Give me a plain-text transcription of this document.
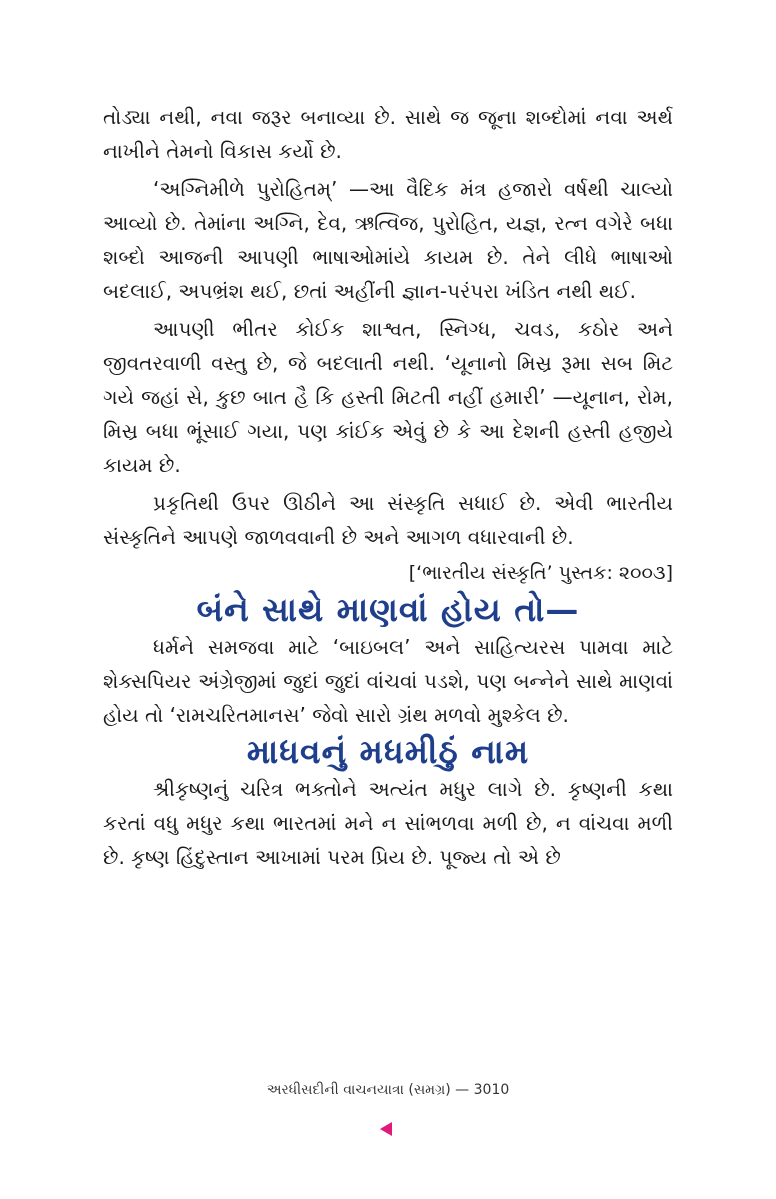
તોડ્યા નથી, નવા જરૂર બનાવ્યા છે. સાથે જ જૂના શબ્દોમાં નવા અર્થ નાખીને તેમનો વિકાસ કર્યો છે.

‘અગ્નિમીળે પુરોહિતમ્’ —આ વૈદિક મંત્ર હજારો વર્ષથી ચાલ્યો આવ્યો છે. તેમાંના અગ્નિ, દેવ, ઋત્વિજ, પુરોહિત, યજ્ઞ, રત્ન વગેરે બધા શબ્દો આજની આપણી ભાષાઓમાંયે કાયમ છે. તેને લીધે ભાષાઓ બદલાઈ, અપભ્રંશ થઈ, છતાં અહીંની જ્ઞાન-પરંપરા ખંડિત નથી થઈ.

આપણી ભીતર કોઈક શાશ્વત, સ્નિગ્ધ, ચવડ, કઠોર અને જીવતરવાળી વસ્તુ છે, જે બદલાતી નથી. ‘યૂનાનો મિસ્ર રૂમા સબ મિટ ગયે જહાં સે, કુછ બાત હૈ કિ હસ્તી મિટતી નહીં હમારી’ —યૂનાન, રોમ, મિસ્ર બધા ભૂંસાઈ ગયા, પણ કાંઈક એવું છે કે આ દેશની હસ્તી હજીયે કાયમ છે.

પ્રકૃતિથી ઉપર ઊઠીને આ સંસ્કૃતિ સધાઈ છે. એવી ભારતીય સંસ્કૃતિને આપણે જાળવવાની છે અને આગળ વધારવાની છે.

[‘ભારતીય સંસ્કૃતિ’ પુસ્તક: ૨૦૦૩]
બંને સાથે માણવાં હોય તો—

ધર્મને સમજવા માટે ‘બાઇબલ’ અને સાહિત્યરસ પામવા માટે શેક્સપિયર અંગ્રેજીમાં જુદાં જુદાં વાંચવાં પડશે, પણ બન્નેને સાથે માણવાં હોય તો ‘રામચરિતમાનસ’ જેવો સારો ગ્રંથ મળવો મુશ્કેલ છે.

માધવનું મધમીઠું નામ

શ્રીકૃષ્ણનું ચરિત્ર ભક્તોને અત્યંત મધુર લાગે છે. કૃષ્ણની કથા કરતાં વધુ મધુર કથા ભારતમાં મને ન સાંભળવા મળી છે, ન વાંચવા મળી છે. કૃષ્ણ હિંદુસ્તાન આખામાં પરમ પ્રિય છે. પૂજ્ય તો એ છે

અરધીસદીની વાચનયાત્રા (સમગ્ર) — 3010
